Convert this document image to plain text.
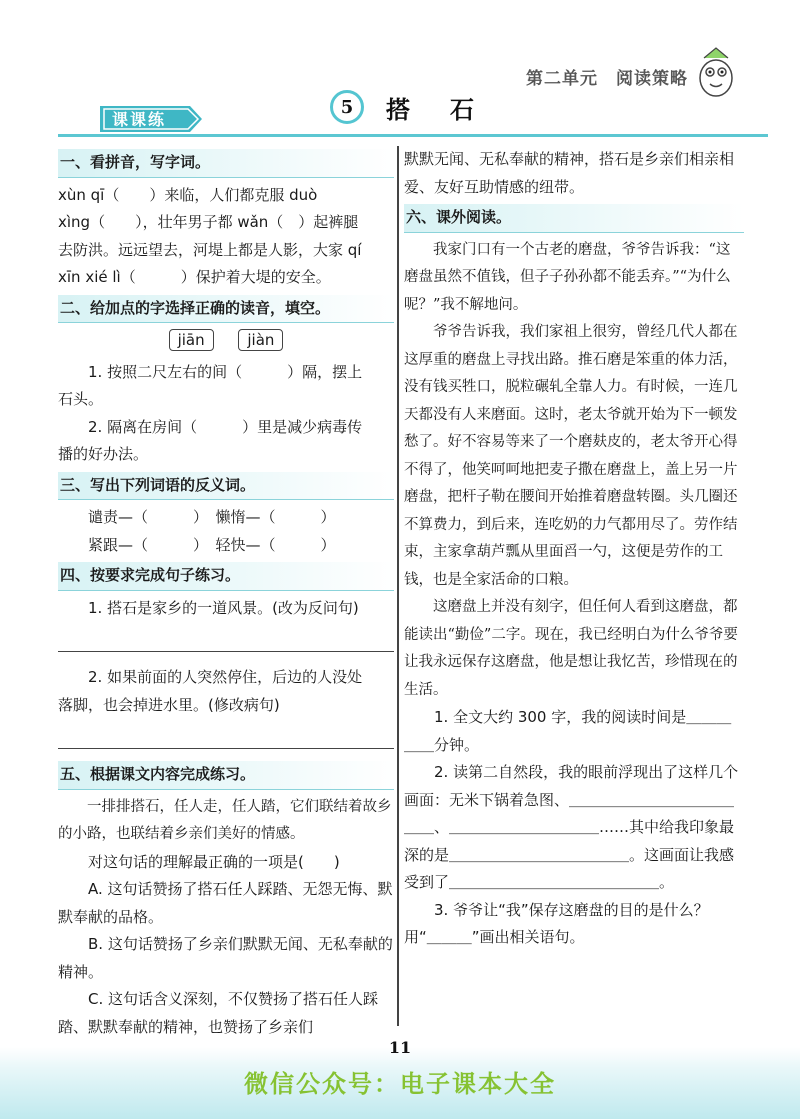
第二单元　阅读策略
课课练
5	搭石
一、看拼音，写字词。
xùn qī（　　）来临，人们都克服 duò
xìng（　　），壮年男子都 wǎn（　）起裤腿
去防洪。远远望去，河堤上都是人影，大家 qí
xīn xié lì（　　　）保护着大堤的安全。
二、给加点的字选择正确的读音，填空。
jiān	jiàn
1. 按照二尺左右的间（　　　）隔，摆上
石头。
2. 隔离在房间（　　　）里是减少病毒传
播的好办法。
三、写出下列词语的反义词。
谴责—（　　　）　懒惰—（　　　）
紧跟—（　　　）　轻快—（　　　）
四、按要求完成句子练习。
1. 搭石是家乡的一道风景。(改为反问句)
2. 如果前面的人突然停住，后边的人没处
落脚，也会掉进水里。(修改病句)
五、根据课文内容完成练习。
一排排搭石，任人走，任人踏，它们联结着故乡的小路，也联结着乡亲们美好的情感。
对这句话的理解最正确的一项是(　　)
A. 这句话赞扬了搭石任人踩踏、无怨无悔、默默奉献的品格。
B. 这句话赞扬了乡亲们默默无闻、无私奉献的精神。
C. 这句话含义深刻，不仅赞扬了搭石任人踩踏、默默奉献的精神，也赞扬了乡亲们
默默无闻、无私奉献的精神，搭石是乡亲们相亲相爱、友好互助情感的纽带。
六、课外阅读。
我家门口有一个古老的磨盘，爷爷告诉我：“这磨盘虽然不值钱，但子子孙孙都不能丢弃。”“为什么呢？”我不解地问。
爷爷告诉我，我们家祖上很穷，曾经几代人都在这厚重的磨盘上寻找出路。推石磨是笨重的体力活，没有钱买牲口，脱粒碾轧全靠人力。有时候，一连几天都没有人来磨面。这时，老太爷就开始为下一顿发愁了。好不容易等来了一个磨麸皮的，老太爷开心得不得了，他笑呵呵地把麦子撒在磨盘上，盖上另一片磨盘，把杆子勒在腰间开始推着磨盘转圈。头几圈还不算费力，到后来，连吃奶的力气都用尽了。劳作结束，主家拿葫芦瓢从里面舀一勺，这便是劳作的工钱，也是全家活命的口粮。
这磨盘上并没有刻字，但任何人看到这磨盘，都能读出“勤俭”二字。现在，我已经明白为什么爷爷要让我永远保存这磨盘，他是想让我忆苦，珍惜现在的生活。
1. 全文大约 300 字，我的阅读时间是＿＿＿＿＿分钟。
2. 读第二自然段，我的眼前浮现出了这样几个画面：无米下锅着急图、＿＿＿＿＿＿＿＿＿＿＿＿＿、＿＿＿＿＿＿＿＿＿＿……其中给我印象最深的是＿＿＿＿＿＿＿＿＿＿＿＿。这画面让我感受到了＿＿＿＿＿＿＿＿＿＿＿＿＿＿。
3. 爷爷让“我”保存这磨盘的目的是什么？用“＿＿＿”画出相关语句。
11
微信公众号：电子课本大全
